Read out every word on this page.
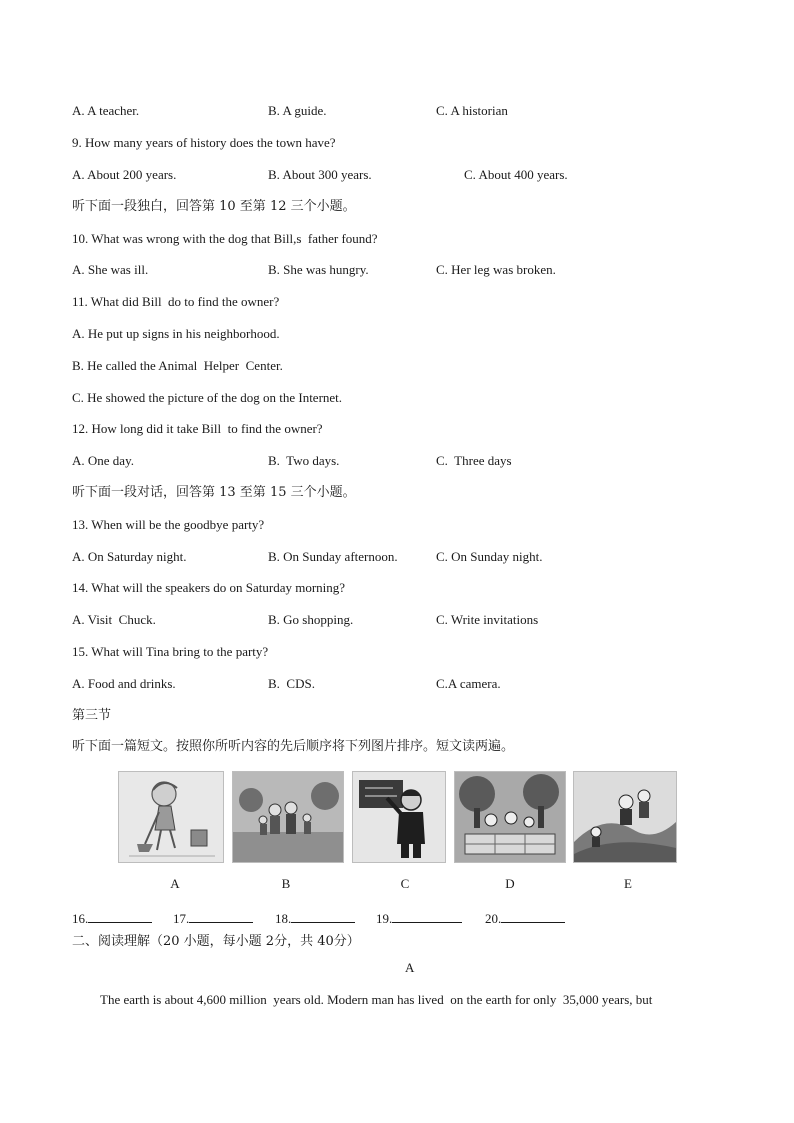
A. A teacher.	B. A guide.	C. A historian
9. How many years of history does the town have?
A. About 200 years.	B. About 300 years.	C. About 400 years.
听下面一段独白，回答第 10 至第 12 三个小题。
10. What was wrong with the dog that Bill,s  father found?
A. She was ill.	B. She was hungry.	C. Her leg was broken.
11. What did Bill  do to find the owner?
A. He put up signs in his neighborhood.
B. He called the Animal  Helper  Center.
C. He showed the picture of the dog on the Internet.
12. How long did it take Bill  to find the owner?
A. One day.	B.  Two days.	C.  Three days
听下面一段对话，回答第 13 至第 15 三个小题。
13. When will be the goodbye party?
A. On Saturday night.	B. On Sunday afternoon.	C. On Sunday night.
14. What will the speakers do on Saturday morning?
A. Visit  Chuck.	B. Go shopping.	C. Write invitations
15. What will Tina bring to the party?
A. Food and drinks.	B.  CDS.	C.A camera.
第三节
听下面一篇短文。按照你所听内容的先后顺序将下列图片排序。短文读两遍。
A	B	C	D	E
16.	17.	18.	19.	20.
二、阅读理解（20 小题，每小题 2分，共 40分）
A
The earth is about 4,600 million  years old. Modern man has lived  on the earth for only  35,000 years, but
